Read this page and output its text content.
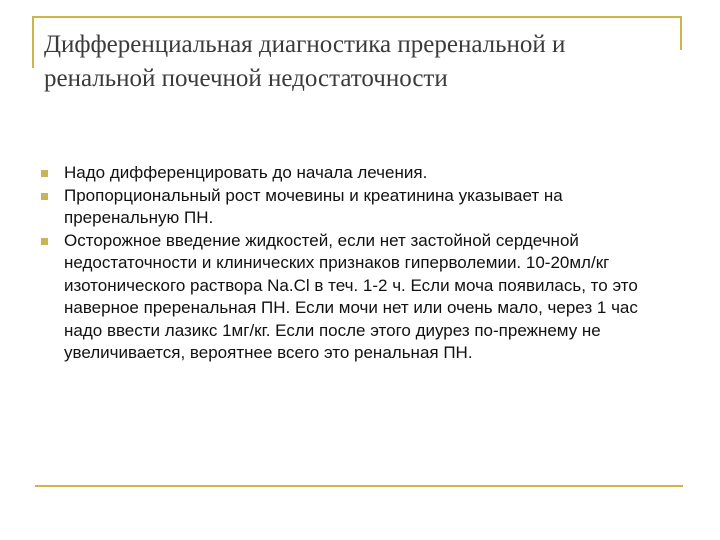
Дифференциальная диагностика преренальной и ренальной почечной недостаточности
Надо дифференцировать до начала лечения.
Пропорциональный рост мочевины и креатинина указывает на преренальную ПН.
Осторожное введение жидкостей, если нет застойной сердечной недостаточности и клинических признаков гиперволемии. 10-20мл/кг изотонического раствора Na.Cl в теч. 1-2 ч. Если моча появилась, то это наверное преренальная ПН. Если мочи нет или очень мало, через 1 час надо ввести лазикс 1мг/кг. Если после этого диурез по-прежнему не увеличивается, вероятнее всего это ренальная ПН.
